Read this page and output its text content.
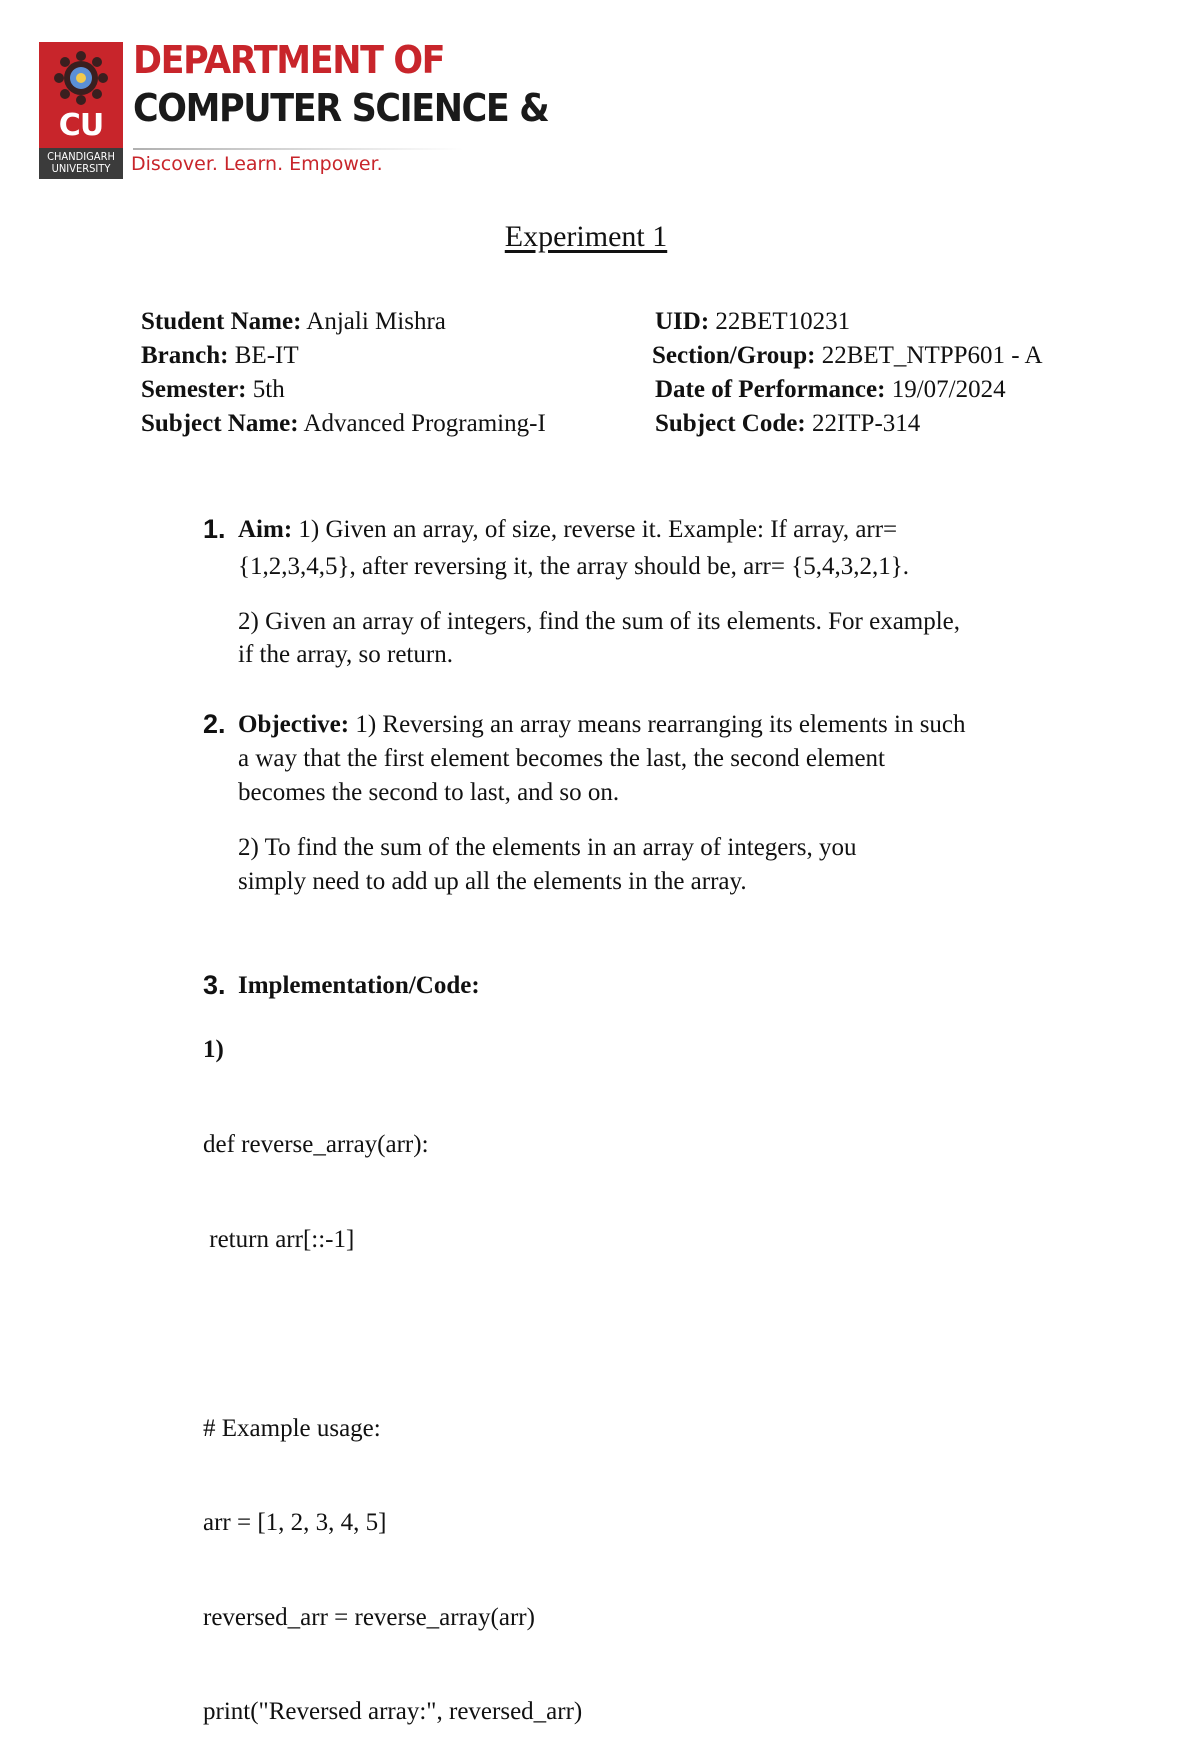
CU
CHANDIGARH
UNIVERSITY
DEPARTMENT OF
COMPUTER SCIENCE &
Discover. Learn. Empower.
Experiment 1
Student Name: Anjali Mishra	UID: 22BET10231
Branch: BE-IT	Section/Group: 22BET_NTPP601 - A
Semester: 5th	Date of Performance: 19/07/2024
Subject Name: Advanced Programing-I	Subject Code: 22ITP-314
1. Aim: 1) Given an array, of size, reverse it. Example: If array, arr=
{1,2,3,4,5}, after reversing it, the array should be, arr= {5,4,3,2,1}.
2) Given an array of integers, find the sum of its elements. For example,
if the array, so return.
2. Objective: 1) Reversing an array means rearranging its elements in such
a way that the first element becomes the last, the second element
becomes the second to last, and so on.
2) To find the sum of the elements in an array of integers, you
simply need to add up all the elements in the array.
3. Implementation/Code:
1)

def reverse_array(arr):

return arr[::-1]

# Example usage:

arr = [1, 2, 3, 4, 5]

reversed_arr = reverse_array(arr)

print("Reversed array:", reversed_arr)
